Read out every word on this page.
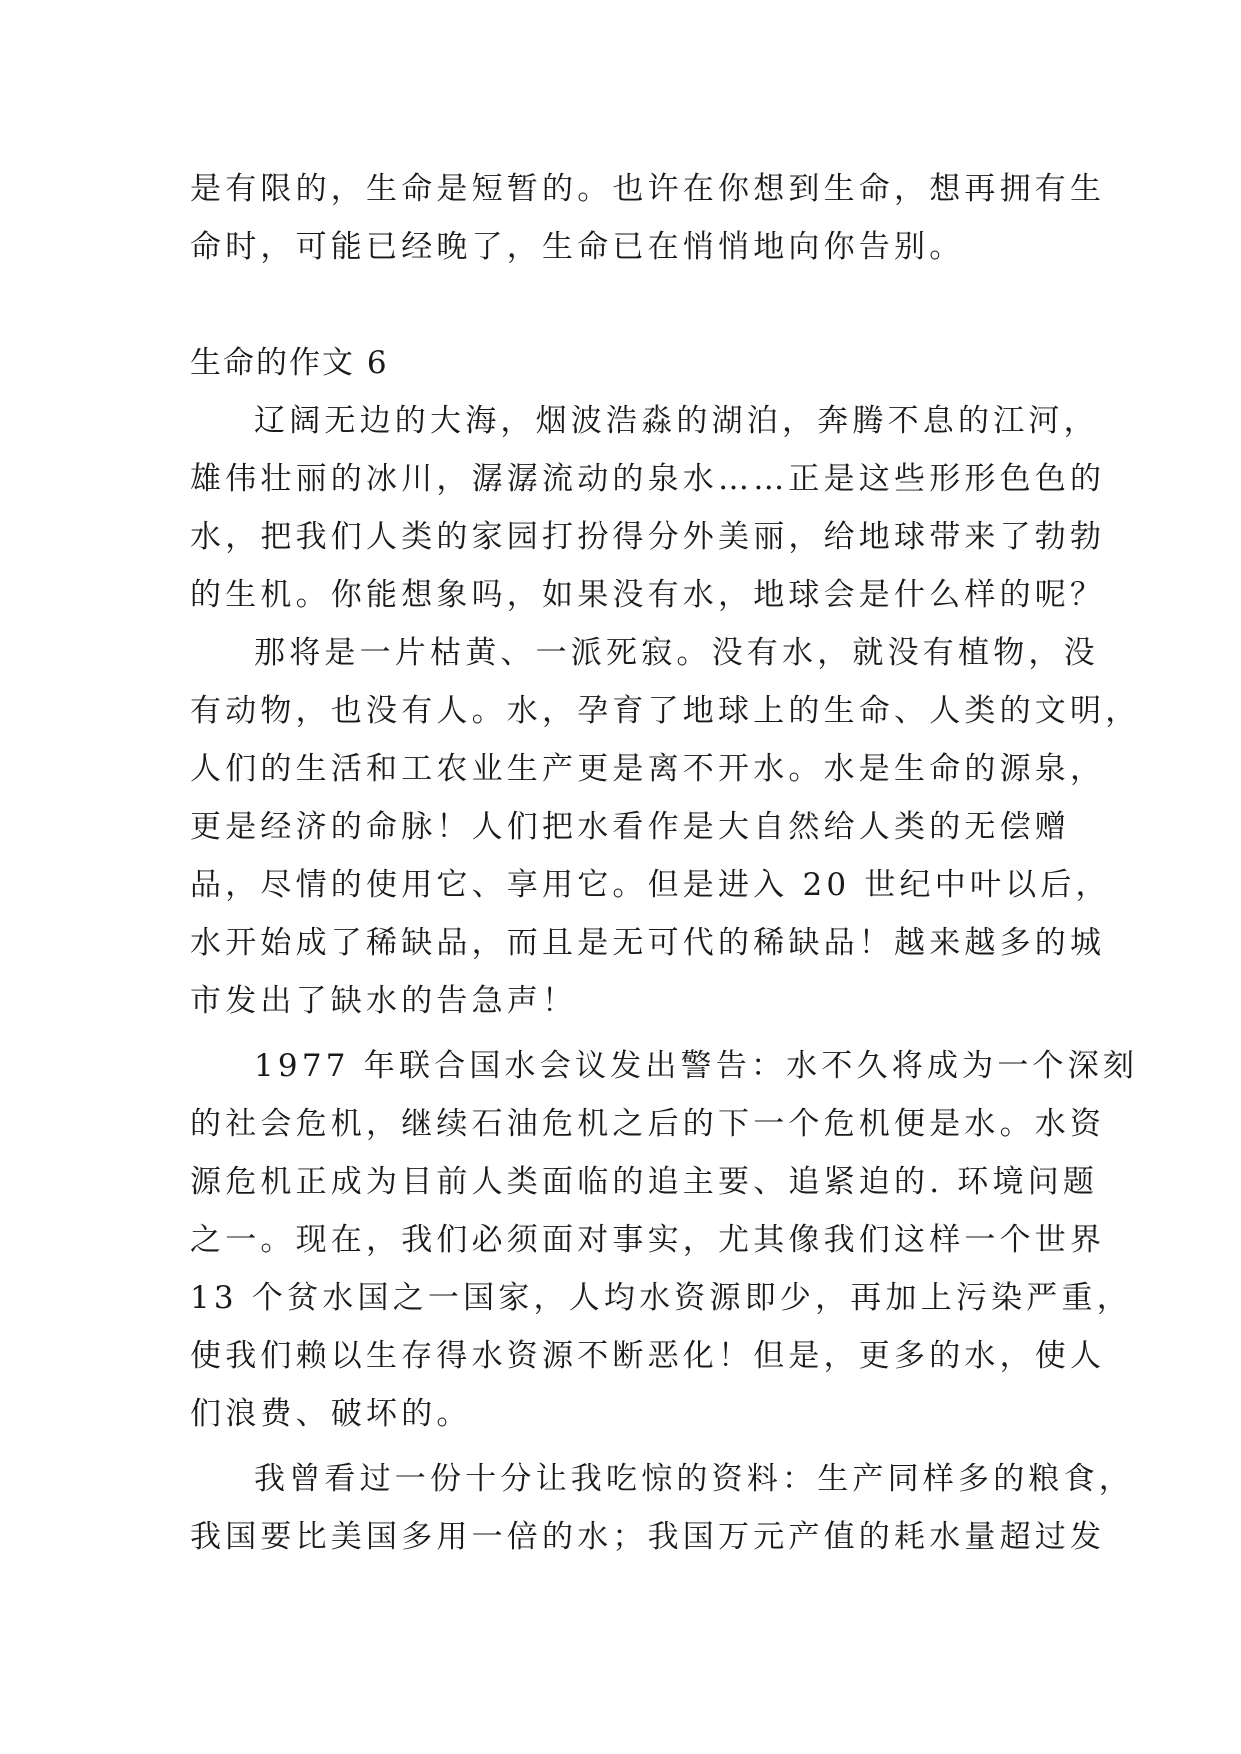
是有限的，生命是短暂的。也许在你想到生命，想再拥有生
命时，可能已经晚了，生命已在悄悄地向你告别。
生命的作文 6
辽阔无边的大海，烟波浩淼的湖泊，奔腾不息的江河，
雄伟壮丽的冰川，潺潺流动的泉水……正是这些形形色色的
水，把我们人类的家园打扮得分外美丽，给地球带来了勃勃
的生机。你能想象吗，如果没有水，地球会是什么样的呢？
那将是一片枯黄、一派死寂。没有水，就没有植物，没
有动物，也没有人。水，孕育了地球上的生命、人类的文明，
人们的生活和工农业生产更是离不开水。水是生命的源泉，
更是经济的命脉！人们把水看作是大自然给人类的无偿赠
品，尽情的使用它、享用它。但是进入 20 世纪中叶以后，
水开始成了稀缺品，而且是无可代的稀缺品！越来越多的城
市发出了缺水的告急声！
1977 年联合国水会议发出警告：水不久将成为一个深刻
的社会危机，继续石油危机之后的下一个危机便是水。水资
源危机正成为目前人类面临的追主要、追紧迫的. 环境问题
之一。现在，我们必须面对事实，尤其像我们这样一个世界
13 个贫水国之一国家，人均水资源即少，再加上污染严重，
使我们赖以生存得水资源不断恶化！但是，更多的水，使人
们浪费、破坏的。
我曾看过一份十分让我吃惊的资料：生产同样多的粮食，
我国要比美国多用一倍的水；我国万元产值的耗水量超过发
